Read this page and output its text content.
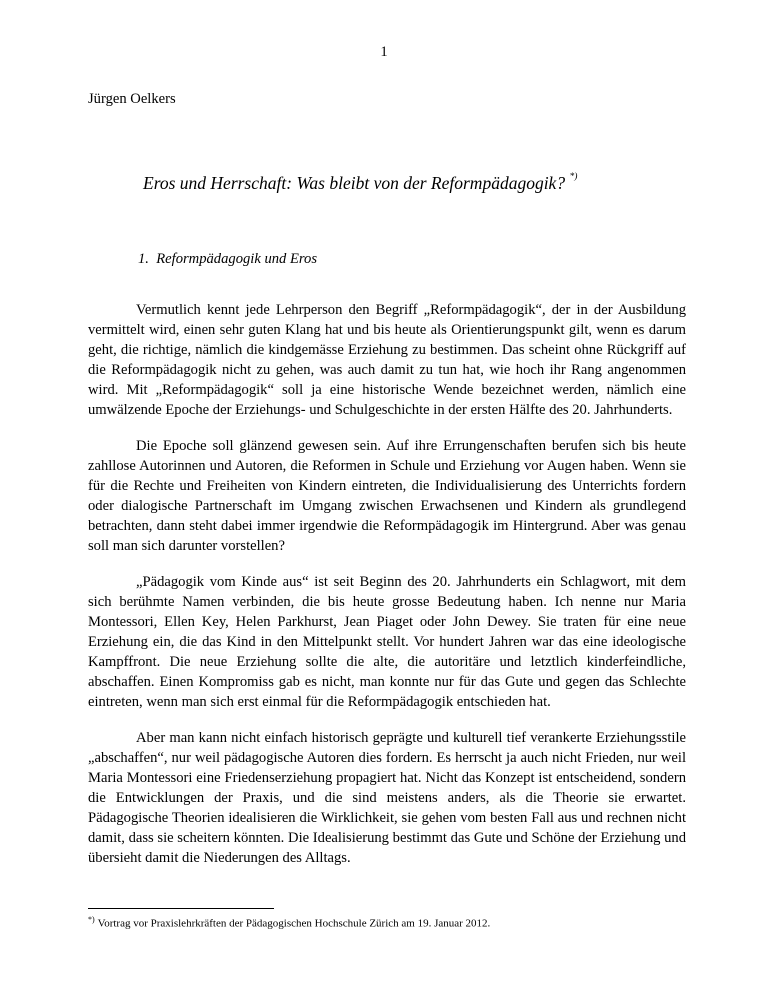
1
Jürgen Oelkers
Eros und Herrschaft: Was bleibt von der Reformpädagogik? *)
1.  Reformpädagogik und Eros

Vermutlich kennt jede Lehrperson den Begriff „Reformpädagogik“, der in der Ausbildung vermittelt wird, einen sehr guten Klang hat und bis heute als Orientierungspunkt gilt, wenn es darum geht, die richtige, nämlich die kindgemässe Erziehung zu bestimmen. Das scheint ohne Rückgriff auf die Reformpädagogik nicht zu gehen, was auch damit zu tun hat, wie hoch ihr Rang angenommen wird. Mit „Reformpädagogik“ soll ja eine historische Wende bezeichnet werden, nämlich eine umwälzende Epoche der Erziehungs- und Schulgeschichte in der ersten Hälfte des 20. Jahrhunderts.

Die Epoche soll glänzend gewesen sein. Auf ihre Errungenschaften berufen sich bis heute zahllose Autorinnen und Autoren, die Reformen in Schule und Erziehung vor Augen haben. Wenn sie für die Rechte und Freiheiten von Kindern eintreten, die Individualisierung des Unterrichts fordern oder dialogische Partnerschaft im Umgang zwischen Erwachsenen und Kindern als grundlegend betrachten, dann steht dabei immer irgendwie die Reformpädagogik im Hintergrund. Aber was genau soll man sich darunter vorstellen?

„Pädagogik vom Kinde aus“ ist seit Beginn des 20. Jahrhunderts ein Schlagwort, mit dem sich berühmte Namen verbinden, die bis heute grosse Bedeutung haben. Ich nenne nur Maria Montessori, Ellen Key, Helen Parkhurst, Jean Piaget oder John Dewey. Sie traten für eine neue Erziehung ein, die das Kind in den Mittelpunkt stellt. Vor hundert Jahren war das eine ideologische Kampffront. Die neue Erziehung sollte die alte, die autoritäre und letztlich kinderfeindliche, abschaffen. Einen Kompromiss gab es nicht, man konnte nur für das Gute und gegen das Schlechte eintreten, wenn man sich erst einmal für die Reformpädagogik entschieden hat.

Aber man kann nicht einfach historisch geprägte und kulturell tief verankerte Erziehungsstile „abschaffen“, nur weil pädagogische Autoren dies fordern. Es herrscht ja auch nicht Frieden, nur weil Maria Montessori eine Friedenserziehung propagiert hat. Nicht das Konzept ist entscheidend, sondern die Entwicklungen der Praxis, und die sind meistens anders, als die Theorie sie erwartet. Pädagogische Theorien idealisieren die Wirklichkeit, sie gehen vom besten Fall aus und rechnen nicht damit, dass sie scheitern könnten. Die Idealisierung bestimmt das Gute und Schöne der Erziehung und übersieht damit die Niederungen des Alltags.

*) Vortrag vor Praxislehrkräften der Pädagogischen Hochschule Zürich am 19. Januar 2012.
